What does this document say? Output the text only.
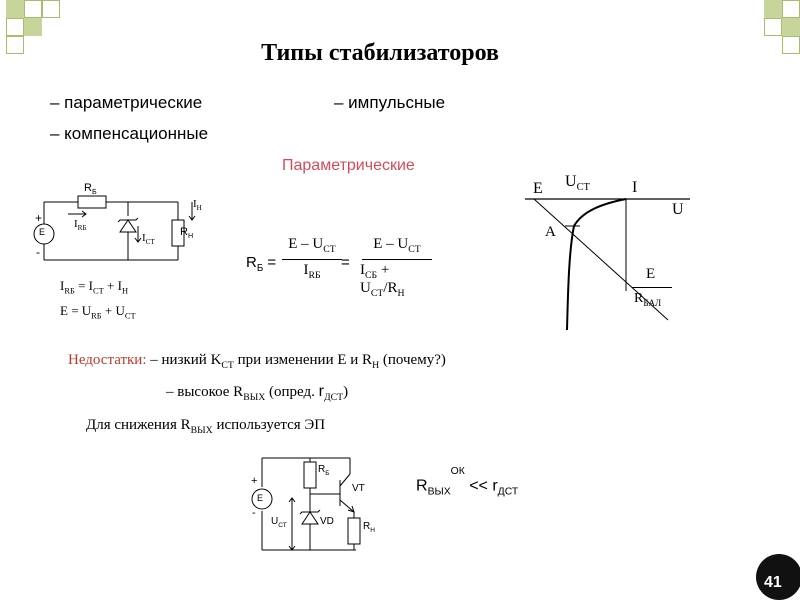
Типы стабилизаторов
– параметрические
– компенсационные
– импульсные
Параметрические
E
+
-
$R_Б$
$I_{RБ}$
$I_{СТ}$
$I_Н$
$R_Н$
$I_{RБ} = I_{СТ} + I_Н$
$E = U_{RБ} + U_{СТ}$
$R_Б$ =
E – $U_{СТ}$
$I_{RБ}$
=
E – $U_{СТ}$
$I_{СБ}$ +
$U_{СТ}/R_Н$
E $U_{СТ}$	I
U
A
E
$R_{БАЛ}$
Недостатки: – низкий $K_{СТ}$ при изменении E и $R_Н$ (почему?)
– высокое $R_{ВЫХ}$ (опред. $r_{ДСТ}$)
Для снижения $R_{ВЫХ}$ используется ЭП
E
+
-
$R_Б$
VT
VD
$U_{СТ}$	$R_Н$
$R_{ВЫХ}^{ОК} << r_{ДСТ}$
41
